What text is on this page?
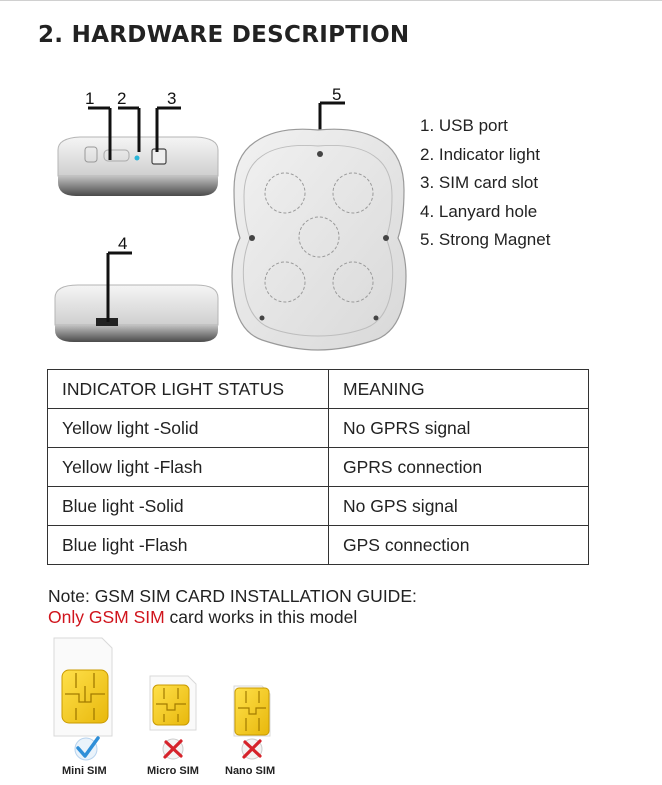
2. HARDWARE DESCRIPTION
1 2 3
4
5
1. USB port
2. Indicator light
3. SIM card slot
4. Lanyard hole
5. Strong Magnet
INDICATOR LIGHT STATUS	MEANING
Yellow light -Solid	No GPRS signal
Yellow light -Flash	GPRS connection
Blue light -Solid	No GPS signal
Blue light -Flash	GPS connection
Note: GSM SIM CARD INSTALLATION GUIDE:
Only GSM SIM card works in this model
Mini SIM	Micro SIM Nano SIM
